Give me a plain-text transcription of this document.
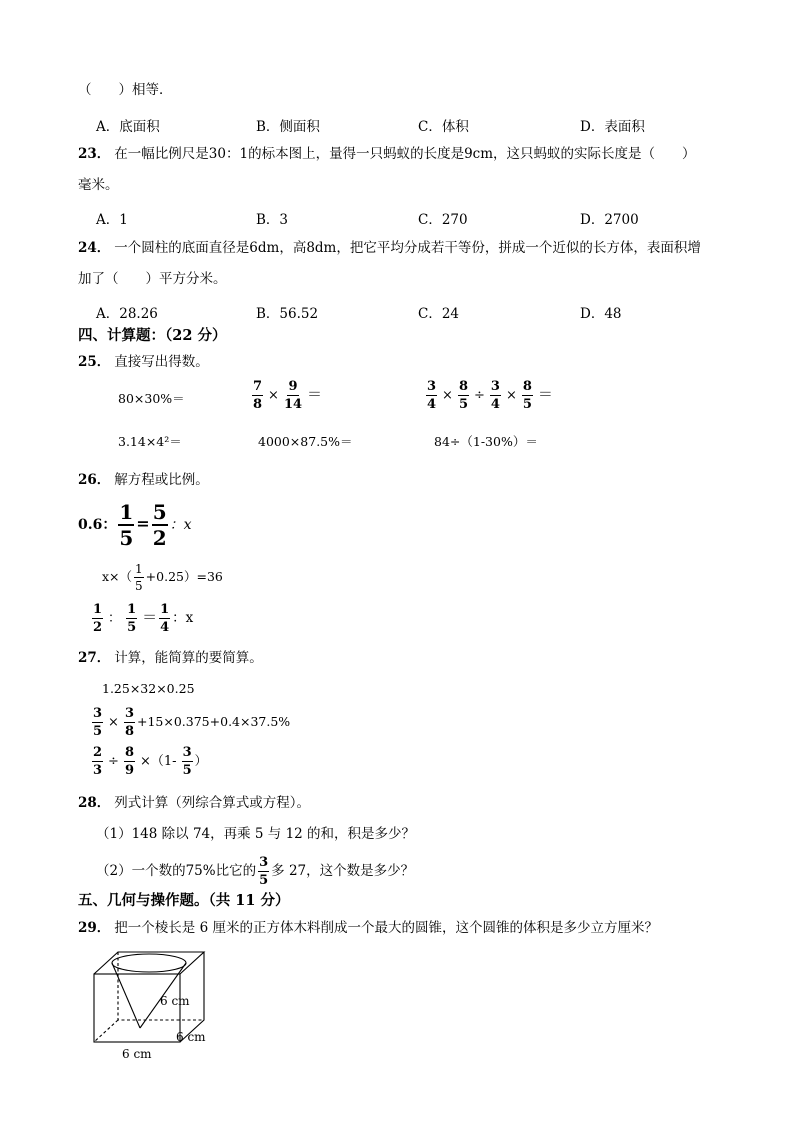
（　　）相等．
A．底面积	B．侧面积	C．体积	D．表面积
23． 在一幅比例尺是30：1的标本图上，量得一只蚂蚁的长度是9cm，这只蚂蚁的实际长度是（　　）
毫米。
A．1	B．3	C．270	D．2700
24． 一个圆柱的底面直径是6dm，高8dm，把它平均分成若干等份，拼成一个近似的长方体，表面积增
加了（　　）平方分米。
A．28.26	B．56.52	C．24	D．48
四、计算题：（22 分）
25． 直接写出得数。
80×30%＝	$\frac{7}{8} \times \frac{9}{14}$ ＝	$\frac{3}{4} \times \frac{8}{5} \div \frac{3}{4} \times \frac{8}{5}$ ＝
3.14×4²＝	4000×87.5%＝	84÷（1-30%）＝
26． 解方程或比例。
0.6： $\frac{1}{5} = \frac{5}{2}$ ：x
$x\times( \frac{1}{5} +0.25)=36$
$\frac{1}{2}$ ： $\frac{1}{5} = \frac{1}{4}$ ：x
27． 计算，能简算的要简算。
1.25×32×0.25
$\frac{3}{5} \times \frac{3}{8} +15\times 0.375+0.4\times 37.5\%$
$\frac{2}{3} \div \frac{8}{9} \times(1- \frac{3}{5}$ ）
28． 列式计算（列综合算式或方程）。
（1）148 除以 74，再乘 5 与 12 的和，积是多少？
（2）一个数的75%比它的 $\frac{3}{5}$ 多 27，这个数是多少？
五、几何与操作题。（共 11 分）
29． 把一个棱长是 6 厘米的正方体木料削成一个最大的圆锥，这个圆锥的体积是多少立方厘米？
6 cm
6 cm
6 cm
